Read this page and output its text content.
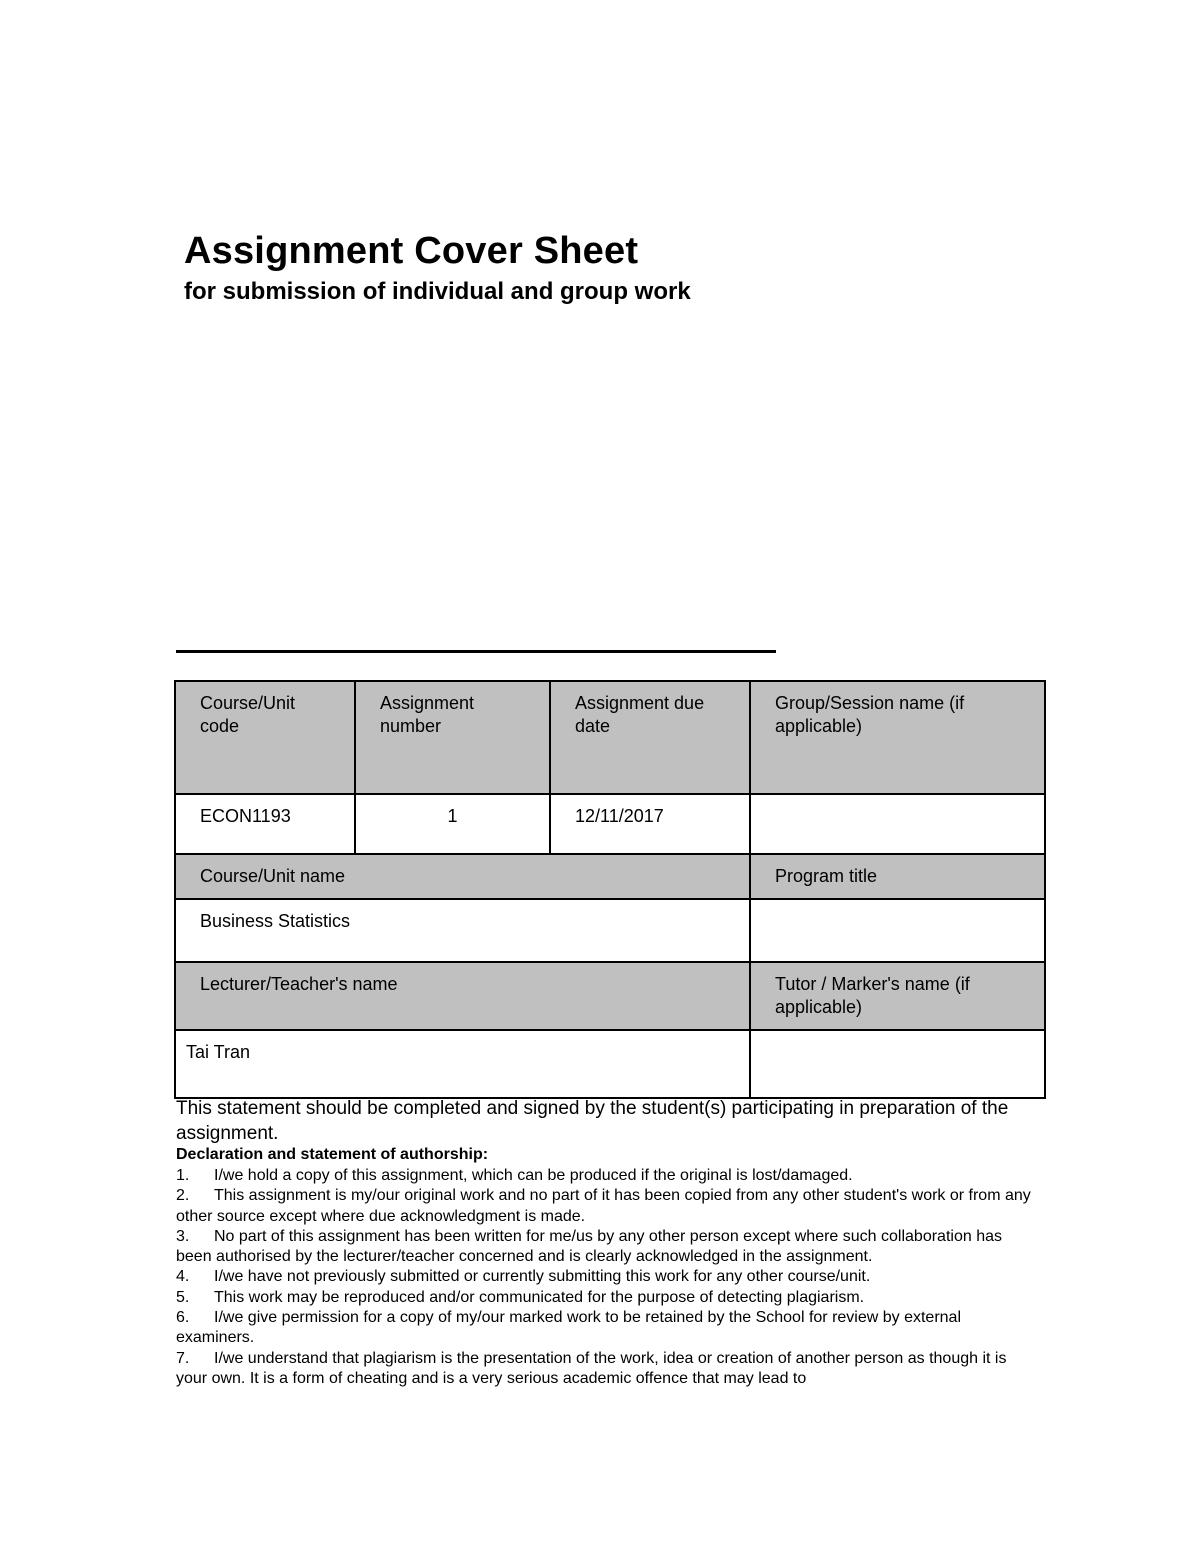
Assignment Cover Sheet
for submission of individual and group work
Course/Unit code	Assignment number	Assignment due date	Group/Session name (if applicable)
ECON1193	1	12/11/2017	
Course/Unit name			Program title
Business Statistics			
Lecturer/Teacher's name			Tutor / Marker's name (if applicable)
Tai Tran			

This statement should be completed and signed by the student(s) participating in preparation of the assignment.

Declaration and statement of authorship:

1. I/we hold a copy of this assignment, which can be produced if the original is lost/damaged.
2. This assignment is my/our original work and no part of it has been copied from any other student's work or from any other source except where due acknowledgment is made.
3. No part of this assignment has been written for me/us by any other person except where such collaboration has been authorised by the lecturer/teacher concerned and is clearly acknowledged in the assignment.
4. I/we have not previously submitted or currently submitting this work for any other course/unit.
5. This work may be reproduced and/or communicated for the purpose of detecting plagiarism.
6. I/we give permission for a copy of my/our marked work to be retained by the School for review by external examiners.
7. I/we understand that plagiarism is the presentation of the work, idea or creation of another person as though it is your own. It is a form of cheating and is a very serious academic offence that may lead to
